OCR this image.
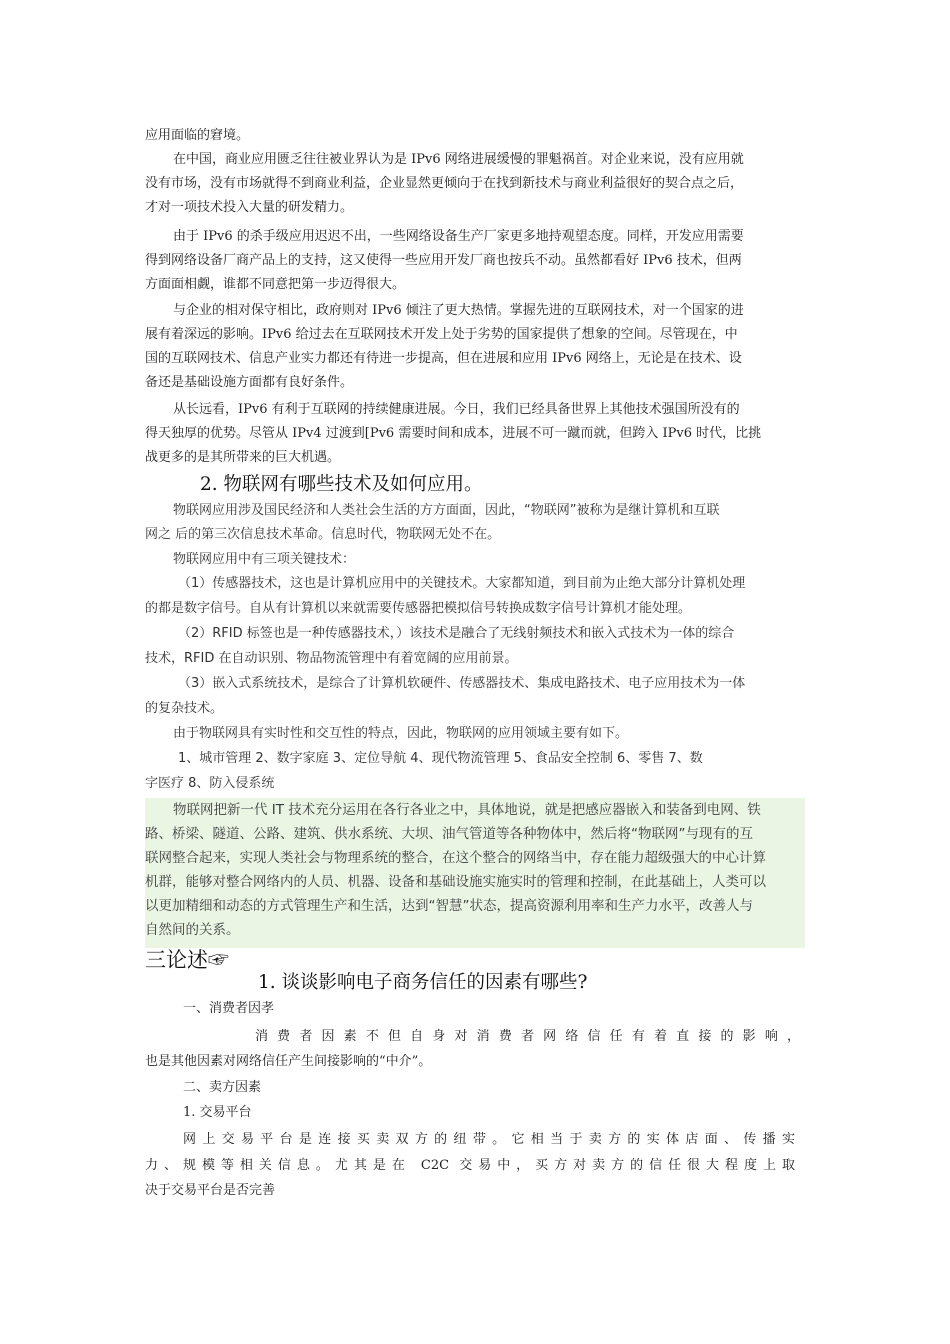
应用面临的窘境。
在中国，商业应用匮乏往往被业界认为是 IPv6 网络进展缓慢的罪魁祸首。对企业来说，没有应用就
没有市场，没有市场就得不到商业利益，企业显然更倾向于在找到新技术与商业利益很好的契合点之后，
才对一项技术投入大量的研发精力。
由于 IPv6 的杀手级应用迟迟不出，一些网络设备生产厂家更多地持观望态度。同样，开发应用需要
得到网络设备厂商产品上的支持，这又使得一些应用开发厂商也按兵不动。虽然都看好 IPv6 技术，但两
方面面相觑，谁都不同意把第一步迈得很大。
与企业的相对保守相比，政府则对 IPv6 倾注了更大热情。掌握先进的互联网技术，对一个国家的进
展有着深远的影响。IPv6 给过去在互联网技术开发上处于劣势的国家提供了想象的空间。尽管现在，中
国的互联网技术、信息产业实力都还有待进一步提高，但在进展和应用 IPv6 网络上，无论是在技术、设
备还是基础设施方面都有良好条件。
从长远看，IPv6 有利于互联网的持续健康进展。今日，我们已经具备世界上其他技术强国所没有的
得天独厚的优势。尽管从 IPv4 过渡到[Pv6 需要时间和成本，进展不可一蹴而就，但跨入 IPv6 时代，比挑
战更多的是其所带来的巨大机遇。
2. 物联网有哪些技术及如何应用。
物联网应用涉及国民经济和人类社会生活的方方面面，因此，“物联网”被称为是继计算机和互联
网之 后的第三次信息技术革命。信息时代，物联网无处不在。
物联网应用中有三项关键技术：
（1）传感器技术，这也是计算机应用中的关键技术。大家都知道，到目前为止绝大部分计算机处理
的都是数字信号。自从有计算机以来就需要传感器把模拟信号转换成数字信号计算机才能处理。
（2）RFID 标签也是一种传感器技术，）该技术是融合了无线射频技术和嵌入式技术为一体的综合
技术，RFID 在自动识别、物品物流管理中有着宽阔的应用前景。
（3）嵌入式系统技术，是综合了计算机软硬件、传感器技术、集成电路技术、电子应用技术为一体
的复杂技术。
由于物联网具有实时性和交互性的特点，因此，物联网的应用领域主要有如下。
1、城市管理 2、数字家庭 3、定位导航 4、现代物流管理 5、食品安全控制 6、零售 7、数
字医疗 8、防入侵系统
物联网把新一代 IT 技术充分运用在各行各业之中，具体地说，就是把感应器嵌入和装备到电网、铁
路、桥梁、隧道、公路、建筑、供水系统、大坝、油气管道等各种物体中，然后将“物联网”与现有的互
联网整合起来，实现人类社会与物理系统的整合，在这个整合的网络当中，存在能力超级强大的中心计算
机群，能够对整合网络内的人员、机器、设备和基础设施实施实时的管理和控制，在此基础上，人类可以
以更加精细和动态的方式管理生产和生活，达到“智慧”状态，提高资源利用率和生产力水平，改善人与
自然间的关系。
三论述☞
1. 谈谈影响电子商务信任的因素有哪些?
一、消费者因孝
消费者因素不但自身对消费者网络信任有着直接的影响，
也是其他因素对网络信任产生间接影响的“中介”。
二、卖方因素
1. 交易平台
网上交易平台是连接买卖双方的纽带。它相当于卖方的实体店面、传播实
力、规模等相关信息。尤其是在 C2C 交易中，买方对卖方的信任很大程度上取
决于交易平台是否完善
